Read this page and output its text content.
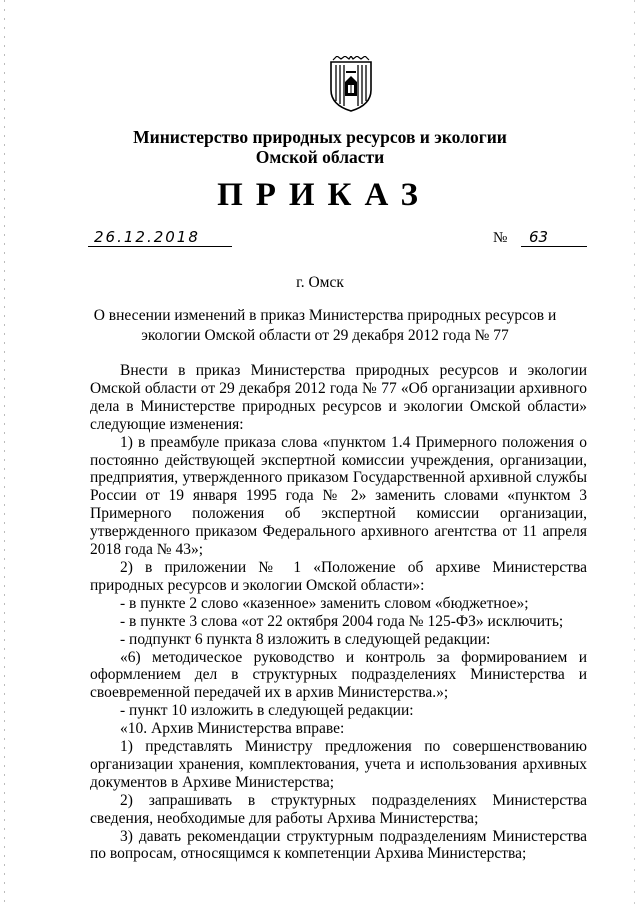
Министерство природных ресурсов и экологии
Омской области
ПРИКАЗ
26.12.2018	№	63
г. Омск
О внесении изменений в приказ Министерства природных ресурсов и экологии Омской области от 29 декабря 2012 года № 77

Внести в приказ Министерства природных ресурсов и экологии Омской области от 29 декабря 2012 года № 77 «Об организации архивного дела в Министерстве природных ресурсов и экологии Омской области» следующие изменения:

1) в преамбуле приказа слова «пунктом 1.4 Примерного положения о постоянно действующей экспертной комиссии учреждения, организации, предприятия, утвержденного приказом Государственной архивной службы России от 19 января 1995 года № 2» заменить словами «пунктом 3 Примерного положения об экспертной комиссии организации, утвержденного приказом Федерального архивного агентства от 11 апреля 2018 года № 43»;

2) в приложении № 1 «Положение об архиве Министерства природных ресурсов и экологии Омской области»:

- в пункте 2 слово «казенное» заменить словом «бюджетное»;

- в пункте 3 слова «от 22 октября 2004 года № 125-ФЗ» исключить;

- подпункт 6 пункта 8 изложить в следующей редакции:

«6) методическое руководство и контроль за формированием и оформлением дел в структурных подразделениях Министерства и своевременной передачей их в архив Министерства.»;

- пункт 10 изложить в следующей редакции:

«10. Архив Министерства вправе:

1) представлять Министру предложения по совершенствованию организации хранения, комплектования, учета и использования архивных документов в Архиве Министерства;

2) запрашивать в структурных подразделениях Министерства сведения, необходимые для работы Архива Министерства;

3) давать рекомендации структурным подразделениям Министерства по вопросам, относящимся к компетенции Архива Министерства;
